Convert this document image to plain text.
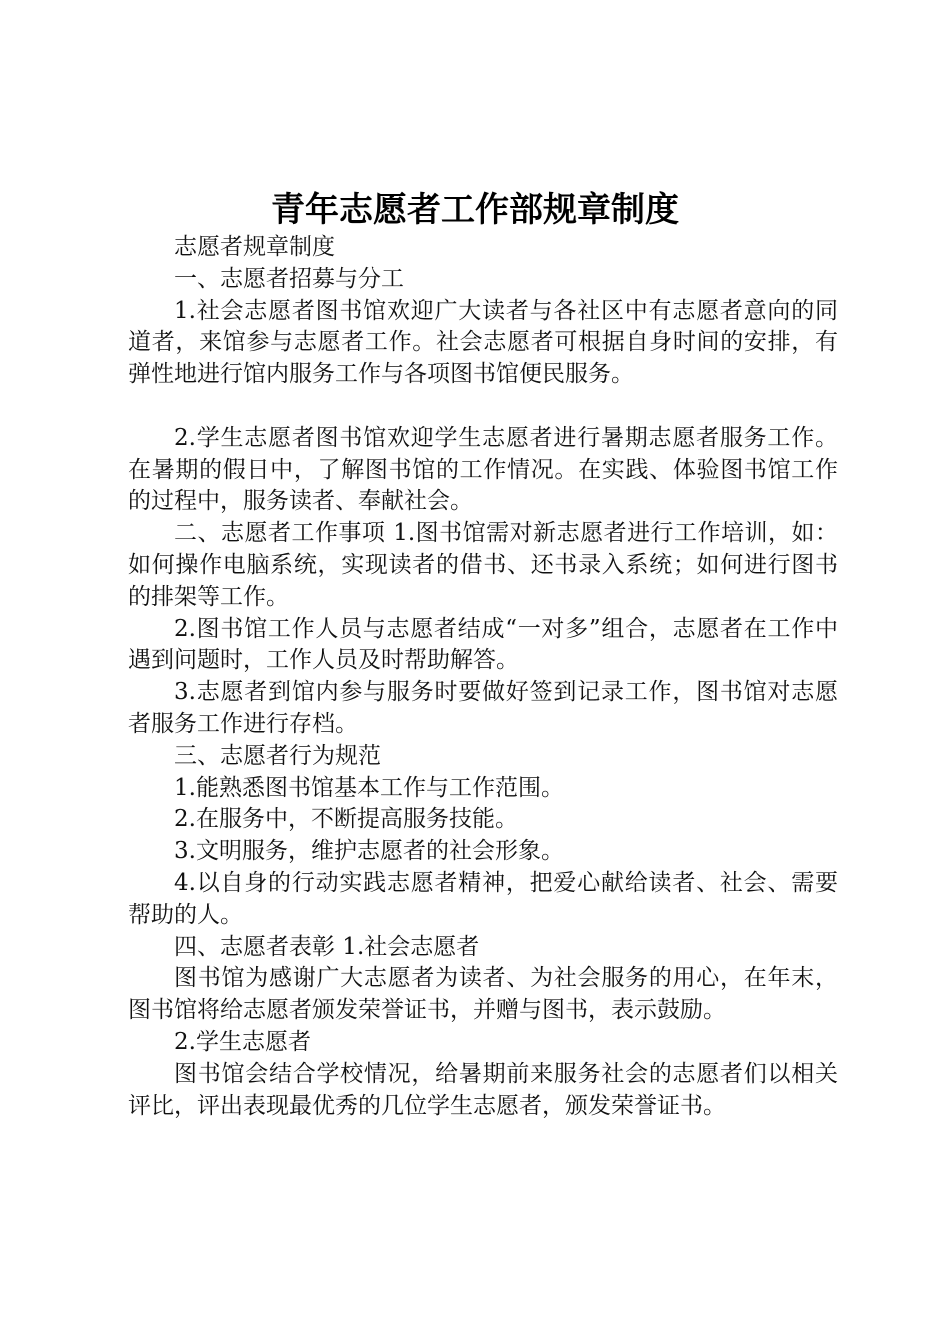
青年志愿者工作部规章制度

志愿者规章制度

一、志愿者招募与分工

1.社会志愿者图书馆欢迎广大读者与各社区中有志愿者意向的同道者，来馆参与志愿者工作。社会志愿者可根据自身时间的安排，有弹性地进行馆内服务工作与各项图书馆便民服务。

2.学生志愿者图书馆欢迎学生志愿者进行暑期志愿者服务工作。在暑期的假日中，了解图书馆的工作情况。在实践、体验图书馆工作的过程中，服务读者、奉献社会。

二、志愿者工作事项 1.图书馆需对新志愿者进行工作培训，如：如何操作电脑系统，实现读者的借书、还书录入系统；如何进行图书的排架等工作。

2.图书馆工作人员与志愿者结成“一对多”组合，志愿者在工作中遇到问题时，工作人员及时帮助解答。

3.志愿者到馆内参与服务时要做好签到记录工作，图书馆对志愿者服务工作进行存档。

三、志愿者行为规范

1.能熟悉图书馆基本工作与工作范围。

2.在服务中，不断提高服务技能。

3.文明服务，维护志愿者的社会形象。

4.以自身的行动实践志愿者精神，把爱心献给读者、社会、需要帮助的人。

四、志愿者表彰 1.社会志愿者

图书馆为感谢广大志愿者为读者、为社会服务的用心，在年末，图书馆将给志愿者颁发荣誉证书，并赠与图书，表示鼓励。

2.学生志愿者

图书馆会结合学校情况，给暑期前来服务社会的志愿者们以相关评比，评出表现最优秀的几位学生志愿者，颁发荣誉证书。
